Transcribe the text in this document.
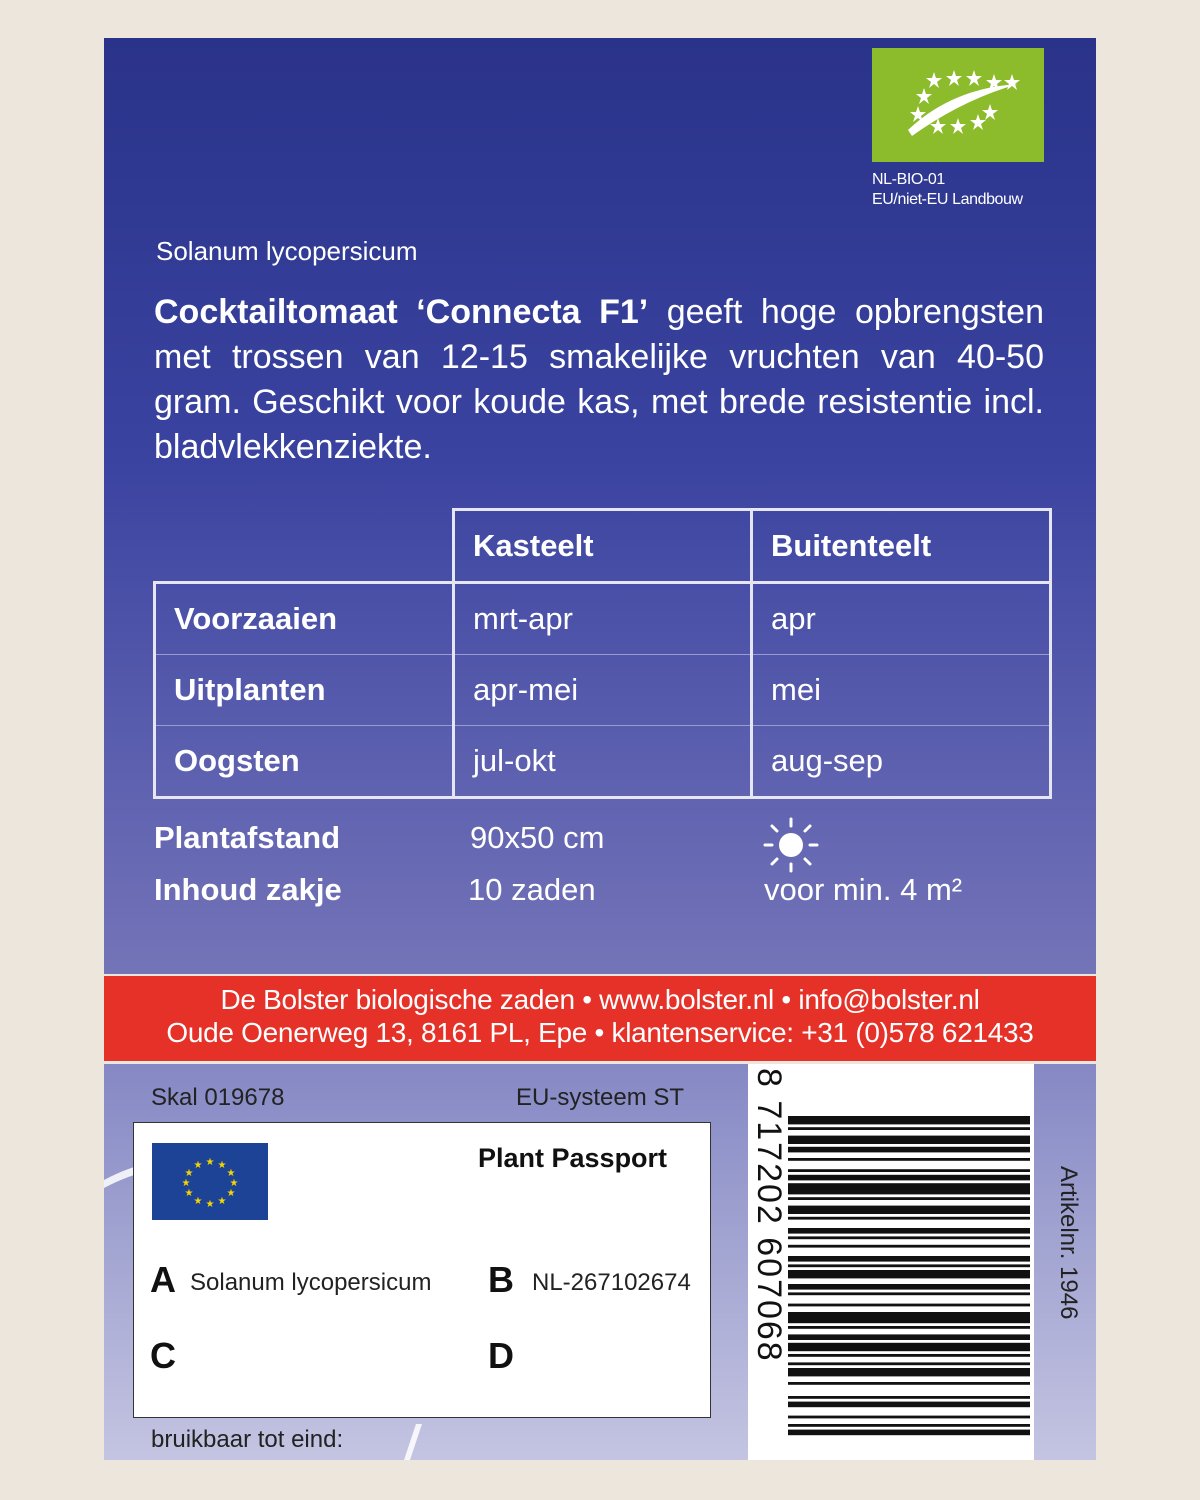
NL-BIO-01
EU/niet-EU Landbouw
Solanum lycopersicum
Cocktailtomaat ‘Connecta F1’ geeft hoge opbrengsten met trossen van 12-15 smakelijke vruchten van 40-50 gram. Geschikt voor koude kas, met brede resistentie incl. bladvlekkenziekte.
	Kasteelt	Buitenteelt
Voorzaaien	mrt-apr	apr
Uitplanten	apr-mei	mei
Oogsten	jul-okt	aug-sep
Plantafstand	90x50 cm
Inhoud zakje	10 zaden	voor min. 4 m²
De Bolster biologische zaden • www.bolster.nl • info@bolster.nl
Oude Oenerweg 13, 8161 PL, Epe • klantenservice: +31 (0)578 621433
Skal 019678	EU-systeem ST
★ ★
★
★
★
★
★
★
★
★
★
★	Plant Passport
A Solanum lycopersicum B NL-267102674
C	D
bruikbaar tot eind:
8 717202 607068	Artikelnr. 1946
